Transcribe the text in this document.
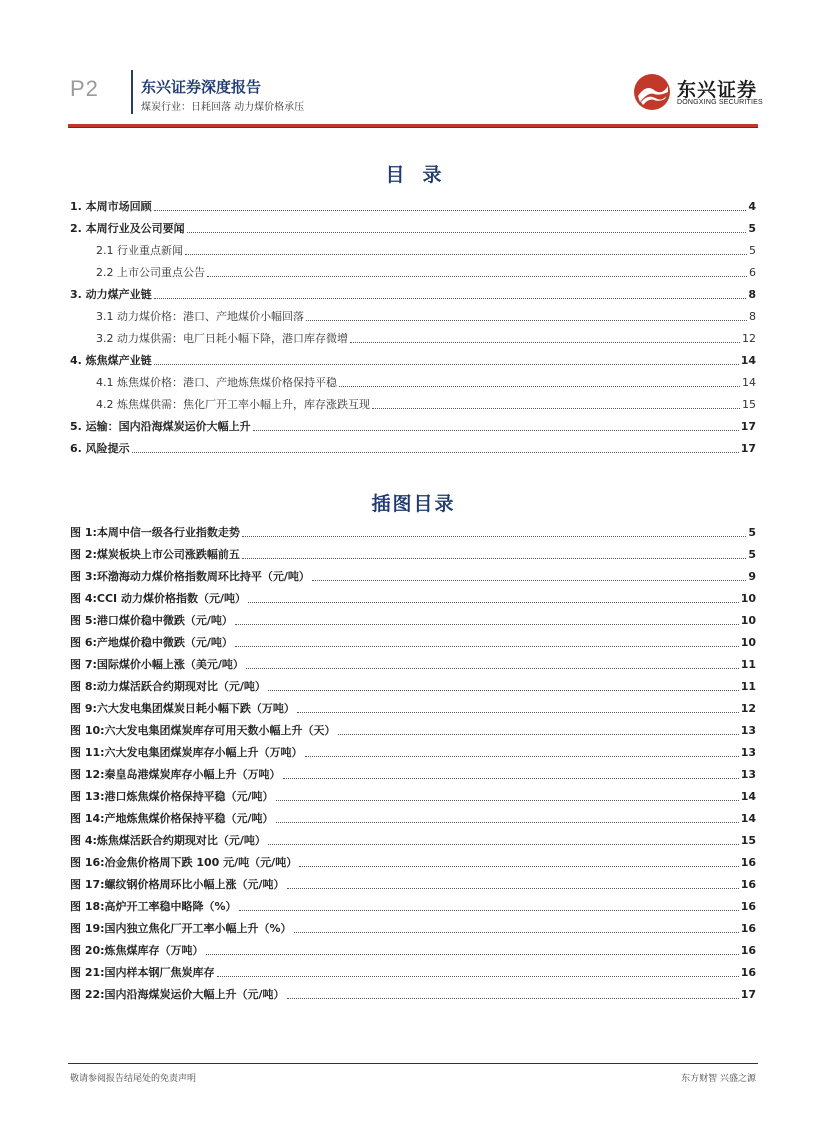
P2	东兴证券深度报告
煤炭行业：日耗回落 动力煤价格承压
东兴证券
DONGXING SECURITIES
目录
1. 本周市场回顾	4
2. 本周行业及公司要闻	5
2.1 行业重点新闻	5
2.2 上市公司重点公告	6
3. 动力煤产业链	8
3.1 动力煤价格：港口、产地煤价小幅回落	8
3.2 动力煤供需：电厂日耗小幅下降，港口库存微增	12
4. 炼焦煤产业链	14
4.1 炼焦煤价格：港口、产地炼焦煤价格保持平稳	14
4.2 炼焦煤供需：焦化厂开工率小幅上升，库存涨跌互现	15
5. 运输：国内沿海煤炭运价大幅上升	17
6. 风险提示	17
插图目录
图 1:本周中信一级各行业指数走势	5
图 2:煤炭板块上市公司涨跌幅前五	5
图 3:环渤海动力煤价格指数周环比持平（元/吨）	9
图 4:CCI 动力煤价格指数（元/吨）	10
图 5:港口煤价稳中微跌（元/吨）	10
图 6:产地煤价稳中微跌（元/吨）	10
图 7:国际煤价小幅上涨（美元/吨）	11
图 8:动力煤活跃合约期现对比（元/吨）	11
图 9:六大发电集团煤炭日耗小幅下跌（万吨）	12
图 10:六大发电集团煤炭库存可用天数小幅上升（天）	13
图 11:六大发电集团煤炭库存小幅上升（万吨）	13
图 12:秦皇岛港煤炭库存小幅上升（万吨）	13
图 13:港口炼焦煤价格保持平稳（元/吨）	14
图 14:产地炼焦煤价格保持平稳（元/吨）	14
图 4:炼焦煤活跃合约期现对比（元/吨）	15
图 16:冶金焦价格周下跌 100 元/吨（元/吨）	16
图 17:螺纹钢价格周环比小幅上涨（元/吨）	16
图 18:高炉开工率稳中略降（%）	16
图 19:国内独立焦化厂开工率小幅上升（%）	16
图 20:炼焦煤库存（万吨）	16
图 21:国内样本钢厂焦炭库存	16
图 22:国内沿海煤炭运价大幅上升（元/吨）	17
敬请参阅报告结尾处的免责声明	东方财智 兴盛之源
